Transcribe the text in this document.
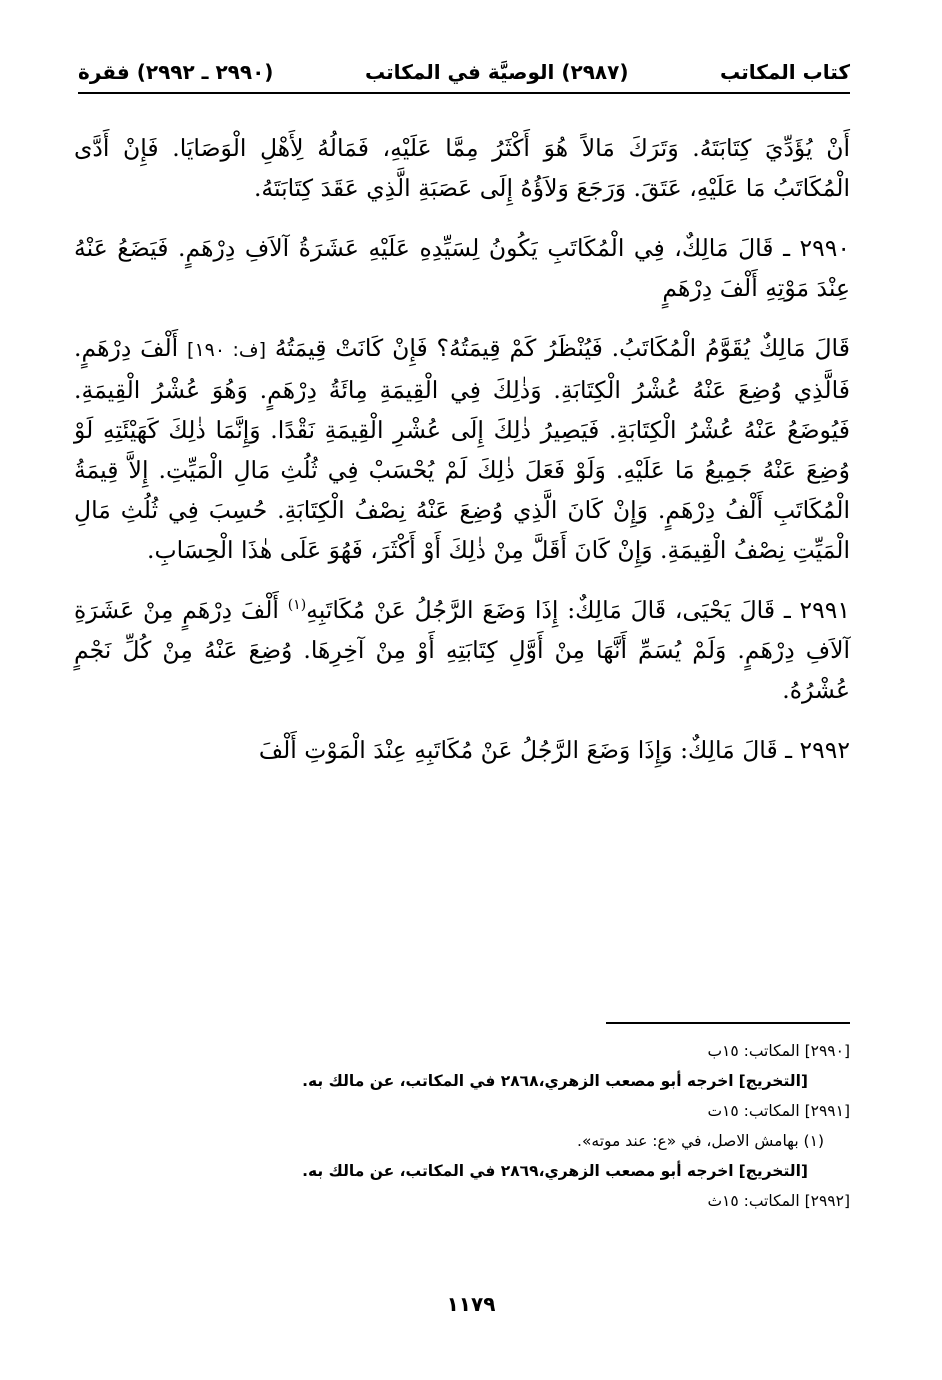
كتاب المكاتب
(٢٩٨٧) الوصيَّة في المكاتب
(٢٩٩٠ ـ ٢٩٩٢) فقرة

أَنْ يُؤَدِّيَ كِتَابَتَهُ. وَتَرَكَ مَالاً هُوَ أَكْثَرُ مِمَّا عَلَيْهِ، فَمَالُهُ لِأَهْلِ الْوَصَايَا. فَإِنْ أَدَّى الْمُكَاتَبُ مَا عَلَيْهِ، عَتَقَ. وَرَجَعَ وَلاَؤُهُ إِلَى عَصَبَةِ الَّذِي عَقَدَ كِتَابَتَهُ.

٢٩٩٠ ـ قَالَ مَالِكٌ، فِي الْمُكَاتَبِ يَكُونُ لِسَيِّدِهِ عَلَيْهِ عَشَرَةُ آلاَفِ دِرْهَمٍ. فَيَضَعُ عَنْهُ عِنْدَ مَوْتِهِ أَلْفَ دِرْهَمٍ

قَالَ مَالِكٌ يُقَوَّمُ الْمُكَاتَبُ. فَيُنْظَرُ كَمْ قِيمَتُهُ؟ فَإِنْ كَانَتْ قِيمَتُهُ [ف: ١٩٠] أَلْفَ دِرْهَمٍ. فَالَّذِي وُضِعَ عَنْهُ عُشْرُ الْكِتَابَةِ. وَذٰلِكَ فِي الْقِيمَةِ مِائَةُ دِرْهَمٍ. وَهُوَ عُشْرُ الْقِيمَةِ. فَيُوضَعُ عَنْهُ عُشْرُ الْكِتَابَةِ. فَيَصِيرُ ذٰلِكَ إِلَى عُشْرِ الْقِيمَةِ نَقْدًا. وَإِنَّمَا ذٰلِكَ كَهَيْئَتِهِ لَوْ وُضِعَ عَنْهُ جَمِيعُ مَا عَلَيْهِ. وَلَوْ فَعَلَ ذٰلِكَ لَمْ يُحْسَبْ فِي ثُلُثِ مَالِ الْمَيِّتِ. إِلاَّ قِيمَةُ الْمُكَاتَبِ أَلْفُ دِرْهَمٍ. وَإِنْ كَانَ الَّذِي وُضِعَ عَنْهُ نِصْفُ الْكِتَابَةِ. حُسِبَ فِي ثُلُثِ مَالِ الْمَيِّتِ نِصْفُ الْقِيمَةِ. وَإِنْ كَانَ أَقَلَّ مِنْ ذٰلِكَ أَوْ أَكْثَرَ، فَهُوَ عَلَى هٰذَا الْحِسَابِ.

٢٩٩١ ـ قَالَ يَحْيَى، قَالَ مَالِكٌ: إِذَا وَضَعَ الرَّجُلُ عَنْ مُكَاتَبِهِ$^{(١)}$ أَلْفَ دِرْهَمٍ مِنْ عَشَرَةِ آلاَفِ دِرْهَمٍ. وَلَمْ يُسَمِّ أَنَّهَا مِنْ أَوَّلِ كِتَابَتِهِ أَوْ مِنْ آخِرِهَا. وُضِعَ عَنْهُ مِنْ كُلِّ نَجْمٍ عُشْرُهُ.

٢٩٩٢ ـ قَالَ مَالِكٌ: وَإِذَا وَضَعَ الرَّجُلُ عَنْ مُكَاتَبِهِ عِنْدَ الْمَوْتِ أَلْفَ

[٢٩٩٠] المكاتب: ١٥ب
[التخريج] اخرجه أبو مصعب الزهري،٢٨٦٨ في المكاتب، عن مالك به.
[٢٩٩١] المكاتب: ١٥ت
(١) بهامش الاصل، في «ع: عند موته».
[التخريج] اخرجه أبو مصعب الزهري،٢٨٦٩ في المكاتب، عن مالك به.
[٢٩٩٢] المكاتب: ١٥ث
١١٧٩
